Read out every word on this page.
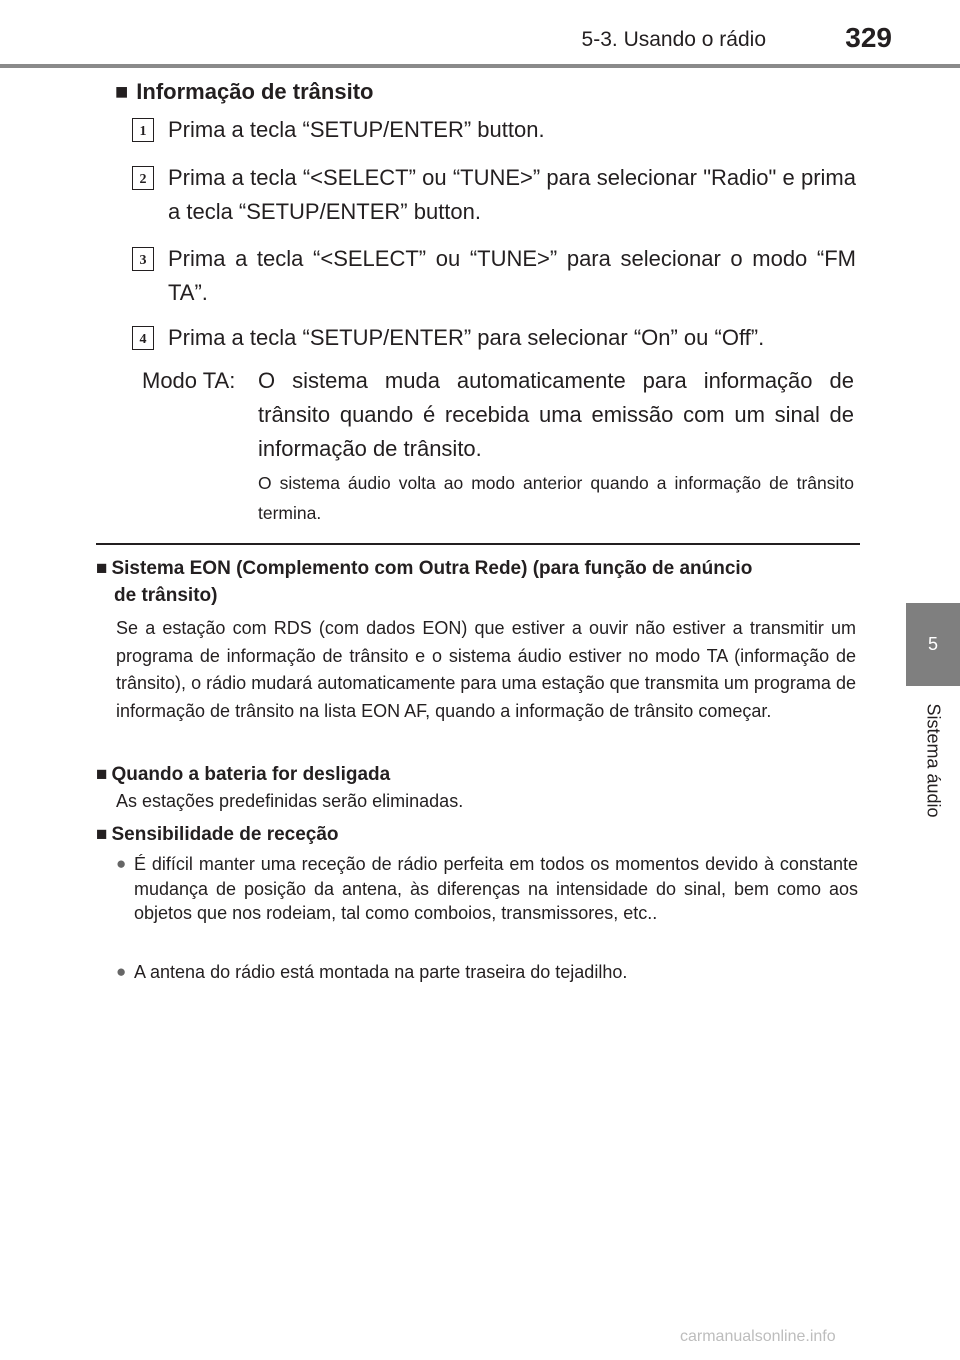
5-3. Usando o rádio	329
5
Sistema áudio
■ Informação de trânsito
1 Prima a tecla “SETUP/ENTER” button.
2 Prima a tecla “<SELECT” ou “TUNE>” para selecionar "Radio" e prima a tecla “SETUP/ENTER” button.
3 Prima a tecla “<SELECT” ou “TUNE>” para selecionar o modo “FM TA”.
4 Prima a tecla “SETUP/ENTER” para selecionar “On” ou “Off”.
Modo TA: O sistema muda automaticamente para informação de trânsito quando é recebida uma emissão com um sinal de informação de trânsito.
O sistema áudio volta ao modo anterior quando a informação de trânsito termina.
■ Sistema EON (Complemento com Outra Rede) (para função de anúncio
de trânsito)
Se a estação com RDS (com dados EON) que estiver a ouvir não estiver a transmitir um programa de informação de trânsito e o sistema áudio estiver no modo TA (informação de trânsito), o rádio mudará automaticamente para uma estação que transmita um programa de informação de trânsito na lista EON AF, quando a informação de trânsito começar.
■ Quando a bateria for desligada
As estações predefinidas serão eliminadas.
■ Sensibilidade de receção
● É difícil manter uma receção de rádio perfeita em todos os momentos devido à constante mudança de posição da antena, às diferenças na intensidade do sinal, bem como aos objetos que nos rodeiam, tal como comboios, transmissores, etc..
● A antena do rádio está montada na parte traseira do tejadilho.
carmanualsonline.info
